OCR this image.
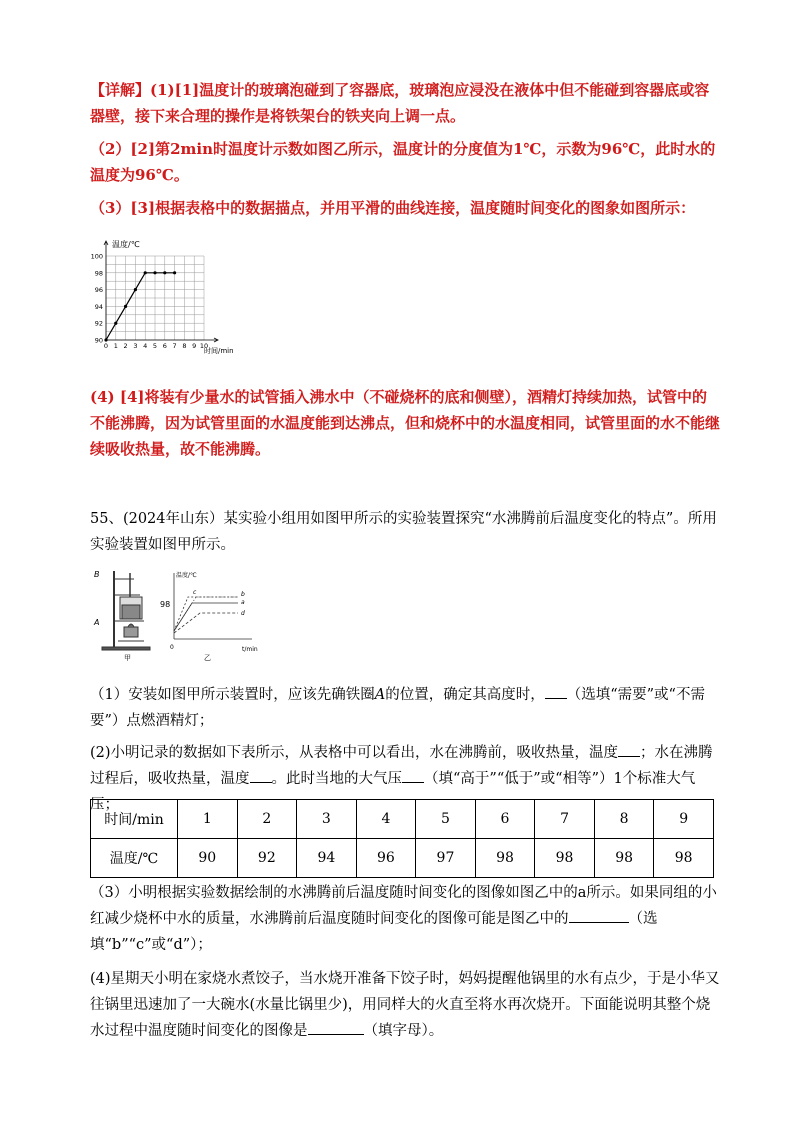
【详解】(1)[1]温度计的玻璃泡碰到了容器底，玻璃泡应浸没在液体中但不能碰到容器底或容器壁，接下来合理的操作是将铁架台的铁夹向上调一点。

（2）[2]第2min时温度计示数如图乙所示，温度计的分度值为1℃，示数为96℃，此时水的温度为96℃。

（3）[3]根据表格中的数据描点，并用平滑的曲线连接，温度随时间变化的图象如图所示：

0 1 2 3 4 5 6 7 8 9 10
90
92
94
96
98
100
温度/℃
时间/min

(4) [4]将装有少量水的试管插入沸水中（不碰烧杯的底和侧壁），酒精灯持续加热，试管中的不能沸腾，因为试管里面的水温度能到达沸点，但和烧杯中的水温度相同，试管里面的水不能继续吸收热量，故不能沸腾。

55、(2024年山东）某实验小组用如图甲所示的实验装置探究“水沸腾前后温度变化的特点”。所用实验装置如图甲所示。

B
A
甲
温度/℃
98
t/min
0
b
a
c
d
乙

（1）安装如图甲所示装置时，应该先确铁圈A的位置，确定其高度时， （选填“需要”或“不需要”）点燃酒精灯；

(2)小明记录的数据如下表所示，从表格中可以看出，水在沸腾前，吸收热量，温度 ；水在沸腾过程后，吸收热量，温度 。此时当地的大气压 （填“高于”“低于”或“相等”）1个标准大气压；

时间/min	1	2	3	4	5	6	7	8	9
温度/℃	90	92	94	96	97	98	98	98	98

（3）小明根据实验数据绘制的水沸腾前后温度随时间变化的图像如图乙中的a所示。如果同组的小红减少烧杯中水的质量，水沸腾前后温度随时间变化的图像可能是图乙中的	（选填“b”“c”或“d”）；

(4)星期天小明在家烧水煮饺子，当水烧开准备下饺子时，妈妈提醒他锅里的水有点少，于是小华又往锅里迅速加了一大碗水(水量比锅里少)，用同样大的火直至将水再次烧开。下面能说明其整个烧水过程中温度随时间变化的图像是	（填字母）。
